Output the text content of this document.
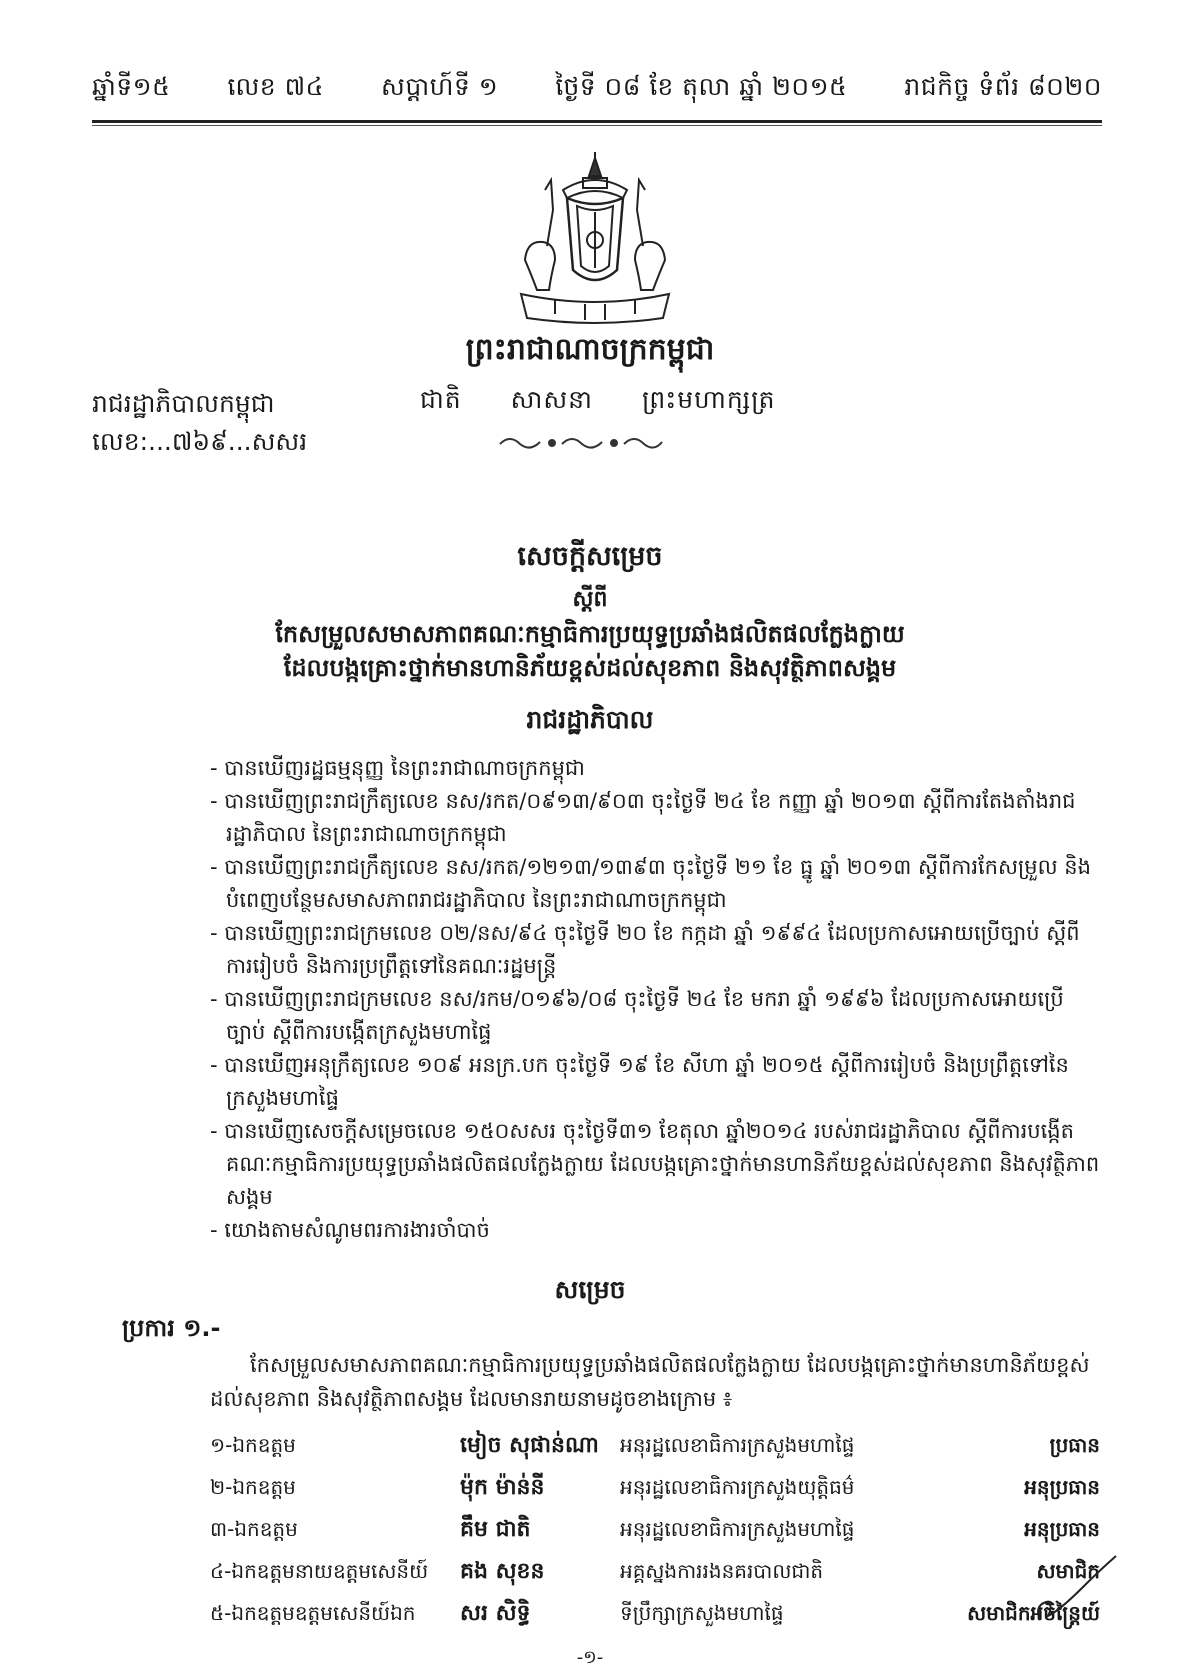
ឆ្នាំទី១៥ លេខ ៧៤ សប្តាហ៍ទី ១ ថ្ងៃទី ០៨ ខែ តុលា ឆ្នាំ ២០១៥ រាជកិច្ច ទំព័រ ៨០២០
ព្រះរាជាណាចក្រកម្ពុជា
រាជរដ្ឋាភិបាលកម្ពុជា
លេខ:...៧៦៩...សសរ
ជាតិ សាសនា ព្រះមហាក្សត្រ
សេចក្តីសម្រេច
ស្តីពី
កែសម្រួលសមាសភាពគណៈកម្មាធិការប្រយុទ្ធប្រឆាំងផលិតផលក្លែងក្លាយ
ដែលបង្កគ្រោះថ្នាក់មានហានិភ័យខ្ពស់ដល់សុខភាព និងសុវត្ថិភាពសង្គម
រាជរដ្ឋាភិបាល
- បានឃើញរដ្ឋធម្មនុញ្ញ នៃព្រះរាជាណាចក្រកម្ពុជា
- បានឃើញព្រះរាជក្រឹត្យលេខ នស/រកត/០៩១៣/៩០៣ ចុះថ្ងៃទី ២៤ ខែ កញ្ញា ឆ្នាំ ២០១៣ ស្តីពីការតែងតាំងរាជរដ្ឋាភិបាល នៃព្រះរាជាណាចក្រកម្ពុជា
- បានឃើញព្រះរាជក្រឹត្យលេខ នស/រកត/១២១៣/១៣៩៣ ចុះថ្ងៃទី ២១ ខែ ធ្នូ ឆ្នាំ ២០១៣ ស្តីពីការកែសម្រួល និងបំពេញបន្ថែមសមាសភាពរាជរដ្ឋាភិបាល នៃព្រះរាជាណាចក្រកម្ពុជា
- បានឃើញព្រះរាជក្រមលេខ ០២/នស/៩៤ ចុះថ្ងៃទី ២០ ខែ កក្កដា ឆ្នាំ ១៩៩៤ ដែលប្រកាសអោយប្រើច្បាប់ ស្តីពីការរៀបចំ និងការប្រព្រឹត្តទៅនៃគណៈរដ្ឋមន្ត្រី
- បានឃើញព្រះរាជក្រមលេខ នស/រកម/០១៩៦/០៨ ចុះថ្ងៃទី ២៤ ខែ មករា ឆ្នាំ ១៩៩៦ ដែលប្រកាសអោយប្រើច្បាប់ ស្តីពីការបង្កើតក្រសួងមហាផ្ទៃ
- បានឃើញអនុក្រឹត្យលេខ ១០៩ អនក្រ.បក ចុះថ្ងៃទី ១៩ ខែ សីហា ឆ្នាំ ២០១៥ ស្តីពីការរៀបចំ និងប្រព្រឹត្តទៅនៃក្រសួងមហាផ្ទៃ
- បានឃើញសេចក្តីសម្រេចលេខ ១៥០សសរ ចុះថ្ងៃទី៣១ ខែតុលា ឆ្នាំ២០១៤ របស់រាជរដ្ឋាភិបាល ស្តីពីការបង្កើតគណៈកម្មាធិការប្រយុទ្ធប្រឆាំងផលិតផលក្លែងក្លាយ ដែលបង្កគ្រោះថ្នាក់មានហានិភ័យខ្ពស់ដល់សុខភាព និងសុវត្ថិភាពសង្គម
- យោងតាមសំណូមពរការងារចាំបាច់
សម្រេច
ប្រការ ១.-
កែសម្រួលសមាសភាពគណៈកម្មាធិការប្រយុទ្ធប្រឆាំងផលិតផលក្លែងក្លាយ ដែលបង្កគ្រោះថ្នាក់មានហានិភ័យខ្ពស់ដល់សុខភាព និងសុវត្ថិភាពសង្គម ដែលមានរាយនាមដូចខាងក្រោម ៖
១-ឯកឧត្តម	មៀច សុផាន់ណា	អនុរដ្ឋលេខាធិការក្រសួងមហាផ្ទៃ	ប្រធាន
២-ឯកឧត្តម	ម៉ុក ម៉ាន់នី	អនុរដ្ឋលេខាធិការក្រសួងយុត្តិធម៌	អនុប្រធាន
៣-ឯកឧត្តម	គឹម ជាតិ	អនុរដ្ឋលេខាធិការក្រសួងមហាផ្ទៃ	អនុប្រធាន
៤-ឯកឧត្តមនាយឧត្តមសេនីយ៍	គង សុខន	អគ្គស្នងការរងនគរបាលជាតិ	សមាជិក
៥-ឯកឧត្តមឧត្តមសេនីយ៍ឯក	សរ សិទ្ធិ	ទីប្រឹក្សាក្រសួងមហាផ្ទៃ	សមាជិកអចិន្ត្រៃយ៍
-១-
